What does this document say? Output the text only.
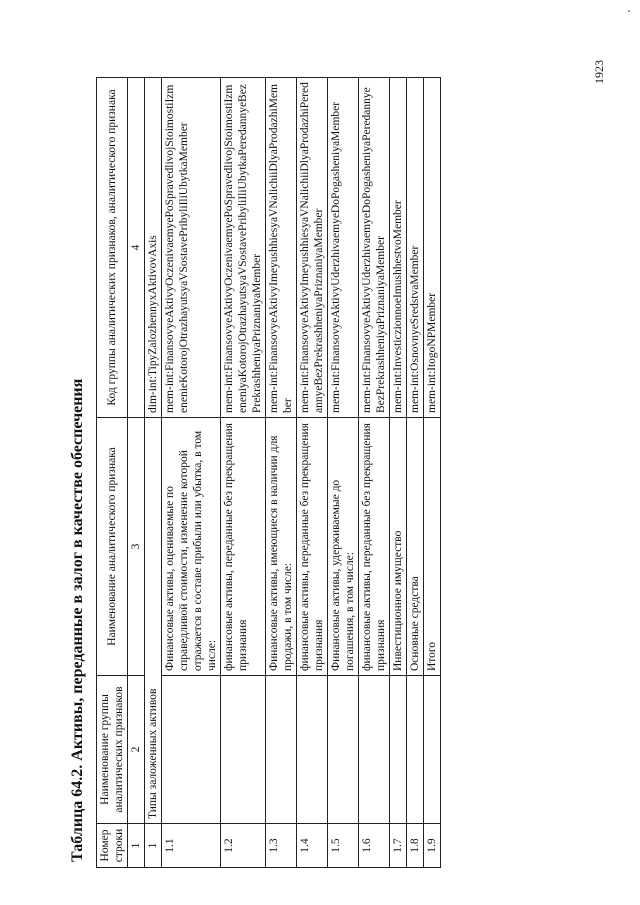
1923
Таблица 64.2. Активы, переданные в залог в качестве обеспечения	Номер строки	Наименование группы аналитических признаков	Наименование аналитического признака	Код группы аналитических признаков, аналитического признака
1	2	3	4
1	Типы заложенных активов		dim-int:TipyZalozhennyxAktivovAxis
1.1		Финансовые активы, оцениваемые по справедливой стоимости, изменение которой отражается в составе прибыли или убытка, в том числе:	mem-int:FinansovyeAktivyOczenivaemyePoSpravedlivojStoimostiIzmenenieKotorojOtrazhayutsyaVSostavePribyliIliUbytkaMember
1.2		финансовые активы, переданные без прекращения признания	mem-int:FinansovyeAktivyOczenivaemyePoSpravedlivojStoimostiIzmeneniyaKotorojOtrazhayutsyaVSostavePribyliIliUbytkaPeredannyeBezPrekrashheniyaPriznaniyaMember
1.3		Финансовые активы, имеющиеся в наличии для продажи, в том числе:	mem-int:FinansovyeAktivyImeyushhiesyaVNalichiiDlyaProdazhiMember
1.4		финансовые активы, переданные без прекращения признания	mem-int:FinansovyeAktivyImeyushhiesyaVNalichiiDlyaProdazhiPeredannyeBezPrekrashheniyaPriznaniyaMember
1.5		Финансовые активы, удерживаемые до погашения, в том числе:	mem-int:FinansovyeAktivyUderzhivaemyeDoPogasheniyaMember
1.6		финансовые активы, переданные без прекращения признания	mem-int:FinansovyeAktivyUderzhivaemyeDoPogasheniyaPeredannyeBezPrekrashheniyaPriznaniyaMember
1.7		Инвестиционное имущество	mem-int:InvesticzionnoeImushhestvoMember
1.8		Основные средства	mem-int:OsnovnyeSredstvaMember
1.9		Итого	mem-int:ItogoNPMember
